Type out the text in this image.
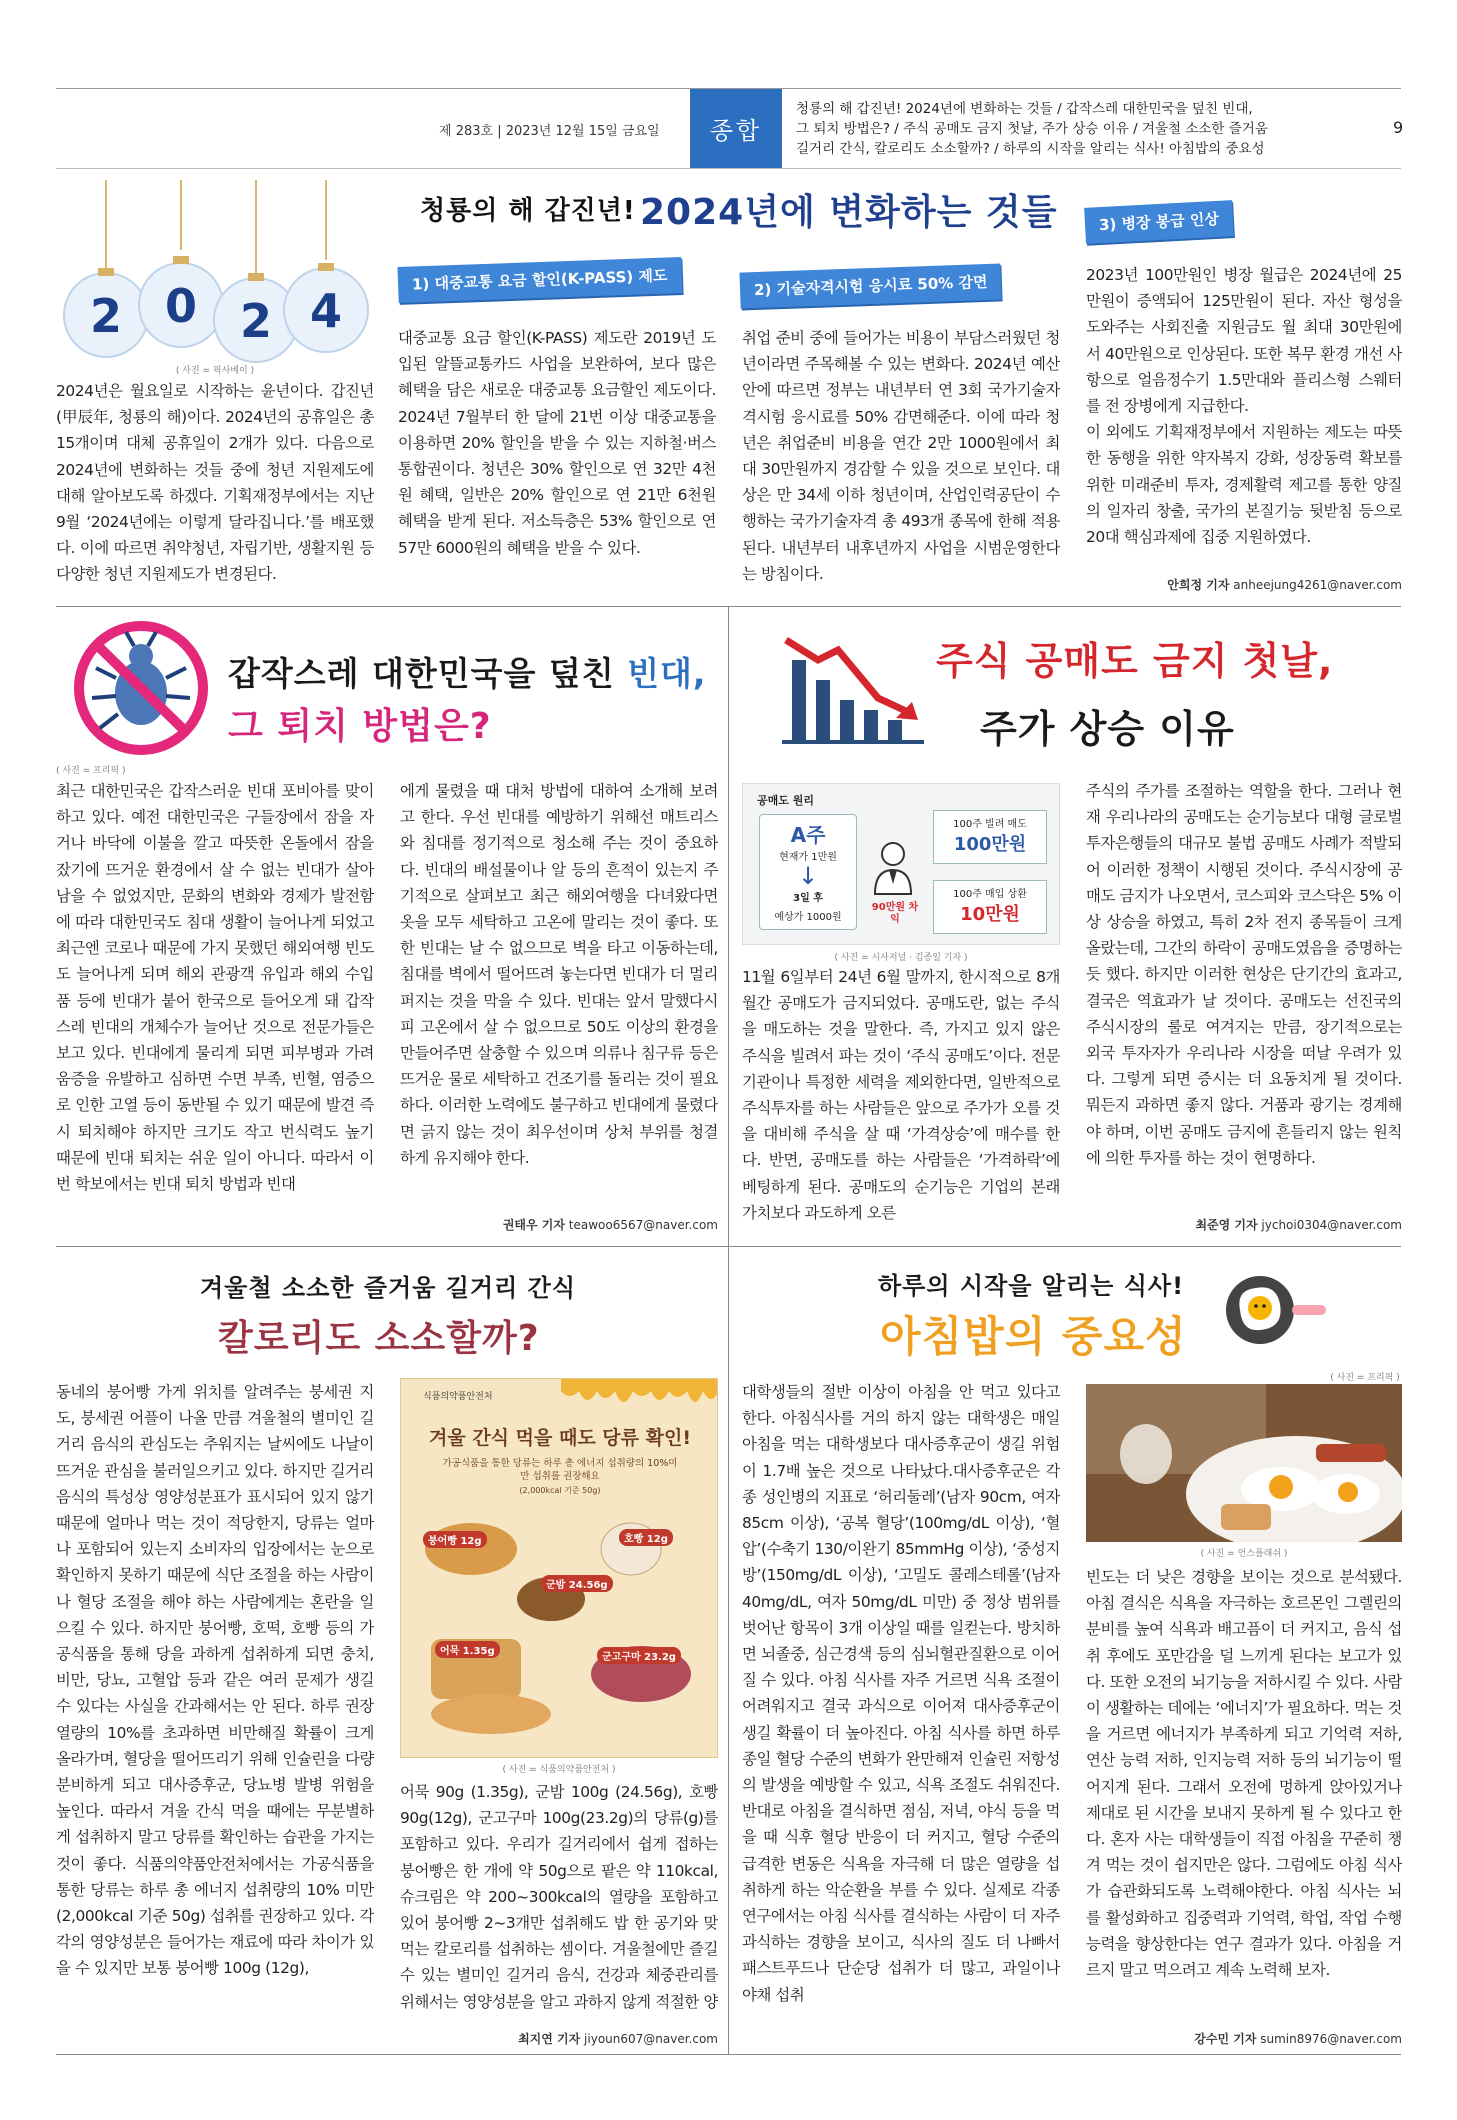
제 283호 | 2023년 12월 15일 금요일 종합
청룡의 해 갑진년! 2024년에 변화하는 것들 / 갑작스레 대한민국을 덮친 빈대,
그 퇴치 방법은? / 주식 공매도 금지 첫날, 주가 상승 이유 / 겨울철 소소한 즐거움
길거리 간식, 칼로리도 소소할까? / 하루의 시작을 알리는 식사! 아침밥의 중요성
9
청룡의 해 갑진년! 2024년에 변화하는 것들
2 0 2 4
( 사진 = 픽사베이 )
2024년은 월요일로 시작하는 윤년이다. 갑진년(甲辰年, 청룡의 해)이다. 2024년의 공휴일은 총 15개이며 대체 공휴일이 2개가 있다. 다음으로 2024년에 변화하는 것들 중에 청년 지원제도에 대해 알아보도록 하겠다. 기획재정부에서는 지난 9월 ‘2024년에는 이렇게 달라집니다.’를 배포했다. 이에 따르면 취약청년, 자립기반, 생활지원 등 다양한 청년 지원제도가 변경된다.
1) 대중교통 요금 할인(K-PASS) 제도
대중교통 요금 할인(K-PASS) 제도란 2019년 도입된 알뜰교통카드 사업을 보완하여, 보다 많은 혜택을 담은 새로운 대중교통 요금할인 제도이다. 2024년 7월부터 한 달에 21번 이상 대중교통을 이용하면 20% 할인을 받을 수 있는 지하철·버스통합권이다. 청년은 30% 할인으로 연 32만 4천원 혜택, 일반은 20% 할인으로 연 21만 6천원 혜택을 받게 된다. 저소득층은 53% 할인으로 연 57만 6000원의 혜택을 받을 수 있다.
2) 기술자격시험 응시료 50% 감면
취업 준비 중에 들어가는 비용이 부담스러웠던 청년이라면 주목해볼 수 있는 변화다. 2024년 예산안에 따르면 정부는 내년부터 연 3회 국가기술자격시험 응시료를 50% 감면해준다. 이에 따라 청년은 취업준비 비용을 연간 2만 1000원에서 최대 30만원까지 경감할 수 있을 것으로 보인다. 대상은 만 34세 이하 청년이며, 산업인력공단이 수행하는 국가기술자격 총 493개 종목에 한해 적용된다. 내년부터 내후년까지 사업을 시범운영한다는 방침이다.
3) 병장 봉급 인상
2023년 100만원인 병장 월급은 2024년에 25만원이 증액되어 125만원이 된다. 자산 형성을 도와주는 사회진출 지원금도 월 최대 30만원에서 40만원으로 인상된다. 또한 복무 환경 개선 사항으로 얼음정수기 1.5만대와 플리스형 스웨터를 전 장병에게 지급한다.
이 외에도 기획재정부에서 지원하는 제도는 따뜻한 동행을 위한 약자복지 강화, 성장동력 확보를 위한 미래준비 투자, 경제활력 제고를 통한 양질의 일자리 창출, 국가의 본질기능 뒷받침 등으로 20대 핵심과제에 집중 지원하였다.
안희정 기자 anheejung4261@naver.com
( 사진 = 프리픽 )
갑작스레 대한민국을 덮친 빈대,
그 퇴치 방법은?
최근 대한민국은 갑작스러운 빈대 포비아를 맞이하고 있다. 예전 대한민국은 구들장에서 잠을 자거나 바닥에 이불을 깔고 따뜻한 온돌에서 잠을 잤기에 뜨거운 환경에서 살 수 없는 빈대가 살아남을 수 없었지만, 문화의 변화와 경제가 발전함에 따라 대한민국도 침대 생활이 늘어나게 되었고 최근엔 코로나 때문에 가지 못했던 해외여행 빈도도 늘어나게 되며 해외 관광객 유입과 해외 수입품 등에 빈대가 붙어 한국으로 들어오게 돼 갑작스레 빈대의 개체수가 늘어난 것으로 전문가들은 보고 있다. 빈대에게 물리게 되면 피부병과 가려움증을 유발하고 심하면 수면 부족, 빈혈, 염증으로 인한 고열 등이 동반될 수 있기 때문에 발견 즉시 퇴치해야 하지만 크기도 작고 번식력도 높기 때문에 빈대 퇴치는 쉬운 일이 아니다. 따라서 이번 학보에서는 빈대 퇴치 방법과 빈대
에게 물렸을 때 대처 방법에 대하여 소개해 보려고 한다. 우선 빈대를 예방하기 위해선 매트리스와 침대를 정기적으로 청소해 주는 것이 중요하다. 빈대의 배설물이나 알 등의 흔적이 있는지 주기적으로 살펴보고 최근 해외여행을 다녀왔다면 옷을 모두 세탁하고 고온에 말리는 것이 좋다. 또한 빈대는 날 수 없으므로 벽을 타고 이동하는데, 침대를 벽에서 떨어뜨려 놓는다면 빈대가 더 멀리 퍼지는 것을 막을 수 있다. 빈대는 앞서 말했다시피 고온에서 살 수 없으므로 50도 이상의 환경을 만들어주면 살충할 수 있으며 의류나 침구류 등은 뜨거운 물로 세탁하고 건조기를 돌리는 것이 필요하다. 이러한 노력에도 불구하고 빈대에게 물렸다면 긁지 않는 것이 최우선이며 상처 부위를 청결하게 유지해야 한다.
권태우 기자 teawoo6567@naver.com
주식 공매도 금지 첫날,
주가 상승 이유
공매도 원리
A주
현재가 1만원
↓
3일 후
예상가 1000원
90만원 차익
100주 빌려 매도
100만원
100주 매입 상환
10만원
( 사진 = 시사저널 · 김종일 기자 )
11월 6일부터 24년 6월 말까지, 한시적으로 8개월간 공매도가 금지되었다. 공매도란, 없는 주식을 매도하는 것을 말한다. 즉, 가지고 있지 않은 주식을 빌려서 파는 것이 ‘주식 공매도’이다. 전문기관이나 특정한 세력을 제외한다면, 일반적으로 주식투자를 하는 사람들은 앞으로 주가가 오를 것을 대비해 주식을 살 때 ‘가격상승’에 매수를 한다. 반면, 공매도를 하는 사람들은 ‘가격하락’에 베팅하게 된다. 공매도의 순기능은 기업의 본래 가치보다 과도하게 오른
주식의 주가를 조절하는 역할을 한다. 그러나 현재 우리나라의 공매도는 순기능보다 대형 글로벌 투자은행들의 대규모 불법 공매도 사례가 적발되어 이러한 정책이 시행된 것이다. 주식시장에 공매도 금지가 나오면서, 코스피와 코스닥은 5% 이상 상승을 하였고, 특히 2차 전지 종목들이 크게 올랐는데, 그간의 하락이 공매도였음을 증명하는 듯 했다. 하지만 이러한 현상은 단기간의 효과고, 결국은 역효과가 날 것이다. 공매도는 선진국의 주식시장의 룰로 여겨지는 만큼, 장기적으로는 외국 투자자가 우리나라 시장을 떠날 우려가 있다. 그렇게 되면 증시는 더 요동치게 될 것이다. 뭐든지 과하면 좋지 않다. 거품과 광기는 경계해야 하며, 이번 공매도 금지에 흔들리지 않는 원칙에 의한 투자를 하는 것이 현명하다.
최준영 기자 jychoi0304@naver.com
겨울철 소소한 즐거움 길거리 간식
칼로리도 소소할까?
동네의 붕어빵 가게 위치를 알려주는 붕세권 지도, 붕세권 어플이 나올 만큼 겨울철의 별미인 길거리 음식의 관심도는 추워지는 날씨에도 나날이 뜨거운 관심을 불러일으키고 있다. 하지만 길거리 음식의 특성상 영양성분표가 표시되어 있지 않기 때문에 얼마나 먹는 것이 적당한지, 당류는 얼마나 포함되어 있는지 소비자의 입장에서는 눈으로 확인하지 못하기 때문에 식단 조절을 하는 사람이나 혈당 조절을 해야 하는 사람에게는 혼란을 일으킬 수 있다. 하지만 붕어빵, 호떡, 호빵 등의 가공식품을 통해 당을 과하게 섭취하게 되면 충치, 비만, 당뇨, 고혈압 등과 같은 여러 문제가 생길 수 있다는 사실을 간과해서는 안 된다. 하루 권장 열량의 10%를 초과하면 비만해질 확률이 크게 올라가며, 혈당을 떨어뜨리기 위해 인슐린을 다량 분비하게 되고 대사증후군, 당뇨병 발병 위험을 높인다. 따라서 겨울 간식 먹을 때에는 무분별하게 섭취하지 말고 당류를 확인하는 습관을 가지는 것이 좋다. 식품의약품안전처에서는 가공식품을 통한 당류는 하루 총 에너지 섭취량의 10% 미만 (2,000kcal 기준 50g) 섭취를 권장하고 있다. 각각의 영양성분은 들어가는 재료에 따라 차이가 있을 수 있지만 보통 붕어빵 100g (12g),
식품의약품안전처
겨울 간식 먹을 때도 당류 확인!
가공식품을 통한 당류는 하루 총 에너지 섭취량의 10%미만 섭취를 권장해요
(2,000kcal 기준 50g)
붕어빵 12g
군밤 24.56g
호빵 12g
어묵 1.35g
군고구마 23.2g
( 사진 = 식품의약품안전처 )
어묵 90g (1.35g), 군밤 100g (24.56g), 호빵 90g(12g), 군고구마 100g(23.2g)의 당류(g)를 포함하고 있다. 우리가 길거리에서 쉽게 접하는 붕어빵은 한 개에 약 50g으로 팥은 약 110kcal, 슈크림은 약 200~300kcal의 열량을 포함하고 있어 붕어빵 2~3개만 섭취해도 밥 한 공기와 맞먹는 칼로리를 섭취하는 셈이다. 겨울철에만 즐길 수 있는 별미인 길거리 음식, 건강과 체중관리를 위해서는 영양성분을 알고 과하지 않게 적절한 양
최지연 기자 jiyoun607@naver.com
하루의 시작을 알리는 식사!
아침밥의 중요성
( 사진 = 프리픽 )
대학생들의 절반 이상이 아침을 안 먹고 있다고 한다. 아침식사를 거의 하지 않는 대학생은 매일 아침을 먹는 대학생보다 대사증후군이 생길 위험이 1.7배 높은 것으로 나타났다.대사증후군은 각종 성인병의 지표로 ‘허리둘레’(남자 90cm, 여자 85cm 이상), ‘공복 혈당’(100mg/dL 이상), ‘혈압’(수축기 130/이완기 85mmHg 이상), ‘중성지방’(150mg/dL 이상), ‘고밀도 콜레스테롤’(남자 40mg/dL, 여자 50mg/dL 미만) 중 정상 범위를 벗어난 항목이 3개 이상일 때를 일컫는다. 방치하면 뇌졸중, 심근경색 등의 심뇌혈관질환으로 이어질 수 있다. 아침 식사를 자주 거르면 식욕 조절이 어려워지고 결국 과식으로 이어져 대사증후군이 생길 확률이 더 높아진다. 아침 식사를 하면 하루 종일 혈당 수준의 변화가 완만해져 인슐린 저항성의 발생을 예방할 수 있고, 식욕 조절도 쉬워진다. 반대로 아침을 결식하면 점심, 저녁, 야식 등을 먹을 때 식후 혈당 반응이 더 커지고, 혈당 수준의 급격한 변동은 식욕을 자극해 더 많은 열량을 섭취하게 하는 악순환을 부를 수 있다. 실제로 각종 연구에서는 아침 식사를 결식하는 사람이 더 자주 과식하는 경향을 보이고, 식사의 질도 더 나빠서 패스트푸드나 단순당 섭취가 더 많고, 과일이나 야채 섭취
( 사진 = 언스플래쉬 )
빈도는 더 낮은 경향을 보이는 것으로 분석됐다. 아침 결식은 식욕을 자극하는 호르몬인 그렐린의 분비를 높여 식욕과 배고픔이 더 커지고, 음식 섭취 후에도 포만감을 덜 느끼게 된다는 보고가 있다. 또한 오전의 뇌기능을 저하시킬 수 있다. 사람이 생활하는 데에는 ‘에너지’가 필요하다. 먹는 것을 거르면 에너지가 부족하게 되고 기억력 저하, 연산 능력 저하, 인지능력 저하 등의 뇌기능이 떨어지게 된다. 그래서 오전에 멍하게 앉아있거나 제대로 된 시간을 보내지 못하게 될 수 있다고 한다. 혼자 사는 대학생들이 직접 아침을 꾸준히 챙겨 먹는 것이 쉽지만은 않다. 그럼에도 아침 식사가 습관화되도록 노력해야한다. 아침 식사는 뇌를 활성화하고 집중력과 기억력, 학업, 작업 수행 능력을 향상한다는 연구 결과가 있다. 아침을 거르지 말고 먹으려고 계속 노력해 보자.
강수민 기자 sumin8976@naver.com
